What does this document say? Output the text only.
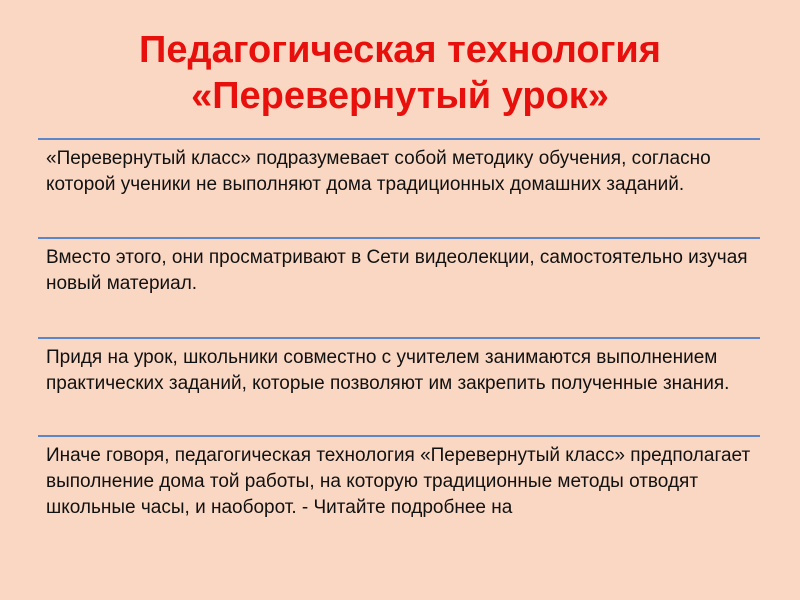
Педагогическая технология
«Перевернутый урок»
«Перевернутый класс» подразумевает собой методику обучения, согласно которой ученики не выполняют дома традиционных домашних заданий.
Вместо этого, они просматривают в Сети видеолекции, самостоятельно изучая новый материал.
Придя на урок, школьники совместно с учителем занимаются выполнением практических заданий, которые позволяют им закрепить полученные знания.
Иначе говоря, педагогическая технология «Перевернутый класс» предполагает выполнение дома той работы, на которую традиционные методы отводят школьные часы, и наоборот. - Читайте подробнее на
